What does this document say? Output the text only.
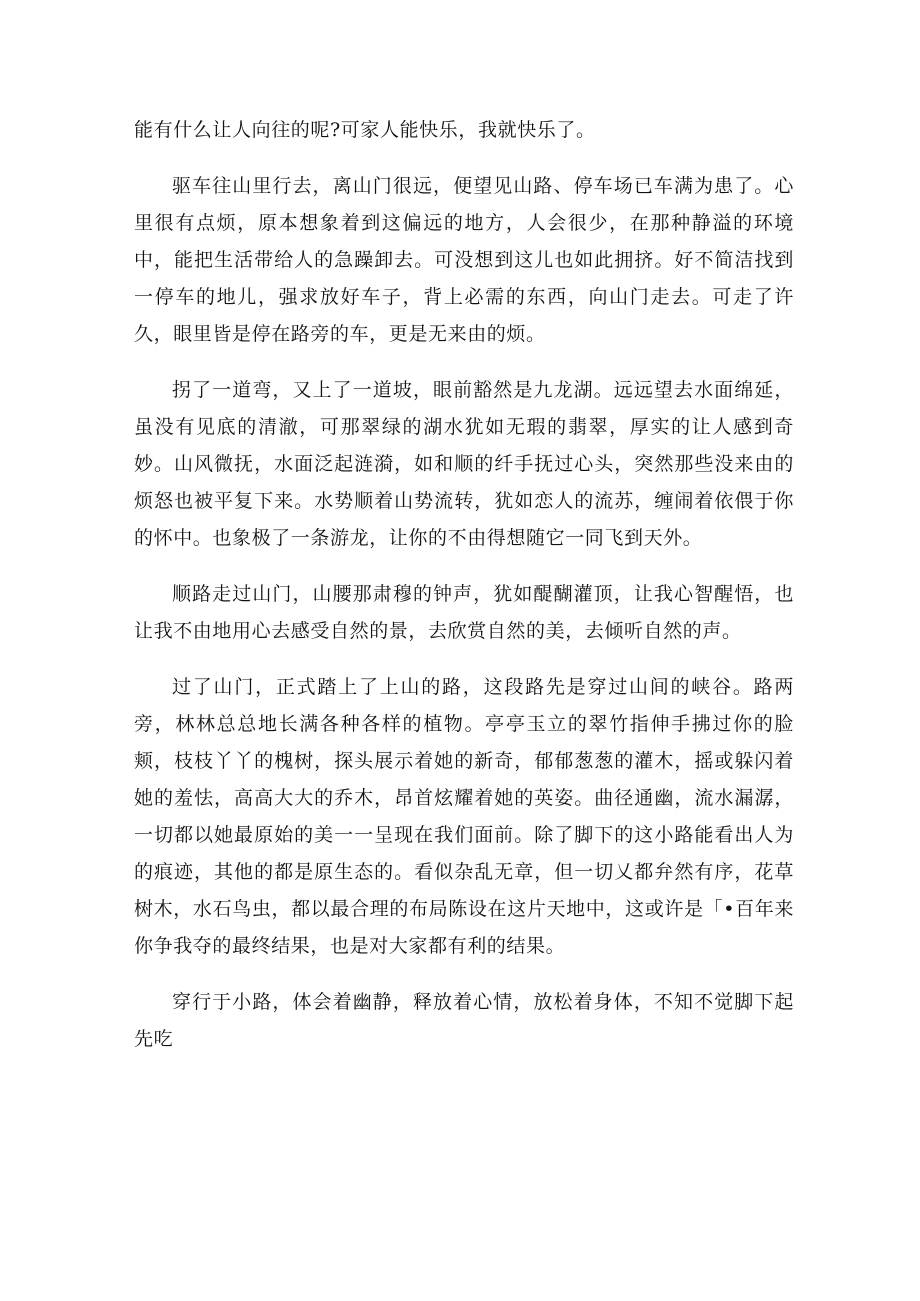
能有什么让人向往的呢?可家人能快乐，我就快乐了。

驱车往山里行去，离山门很远，便望见山路、停车场已车满为患了。心里很有点烦，原本想象着到这偏远的地方，人会很少，在那种静溢的环境中，能把生活带给人的急躁卸去。可没想到这儿也如此拥挤。好不简洁找到一停车的地儿，强求放好车子，背上必需的东西，向山门走去。可走了许久，眼里皆是停在路旁的车，更是无来由的烦。

拐了一道弯，又上了一道坡，眼前豁然是九龙湖。远远望去水面绵延，虽没有见底的清澈，可那翠绿的湖水犹如无瑕的翡翠，厚实的让人感到奇妙。山风微抚，水面泛起涟漪，如和顺的纤手抚过心头，突然那些没来由的烦怒也被平复下来。水势顺着山势流转，犹如恋人的流苏，缠闹着依偎于你的怀中。也象极了一条游龙，让你的不由得想随它一同飞到天外。

顺路走过山门，山腰那肃穆的钟声，犹如醍醐灌顶，让我心智醒悟，也让我不由地用心去感受自然的景，去欣赏自然的美，去倾听自然的声。

过了山门，正式踏上了上山的路，这段路先是穿过山间的峡谷。路两旁，林林总总地长满各种各样的植物。亭亭玉立的翠竹指伸手拂过你的脸颊，枝枝丫丫的槐树，探头展示着她的新奇，郁郁葱葱的灌木，摇或躲闪着她的羞怯，高高大大的乔木，昂首炫耀着她的英姿。曲径通幽，流水漏潺，一切都以她最原始的美一一呈现在我们面前。除了脚下的这小路能看出人为的痕迹，其他的都是原生态的。看似杂乱无章，但一切乂都弁然有序，花草树木，水石鸟虫，都以最合理的布局陈设在这片天地中，这或许是「•百年来你争我夺的最终结果，也是对大家都有利的结果。

穿行于小路，体会着幽静，释放着心情，放松着身体，不知不觉脚下起先吃
